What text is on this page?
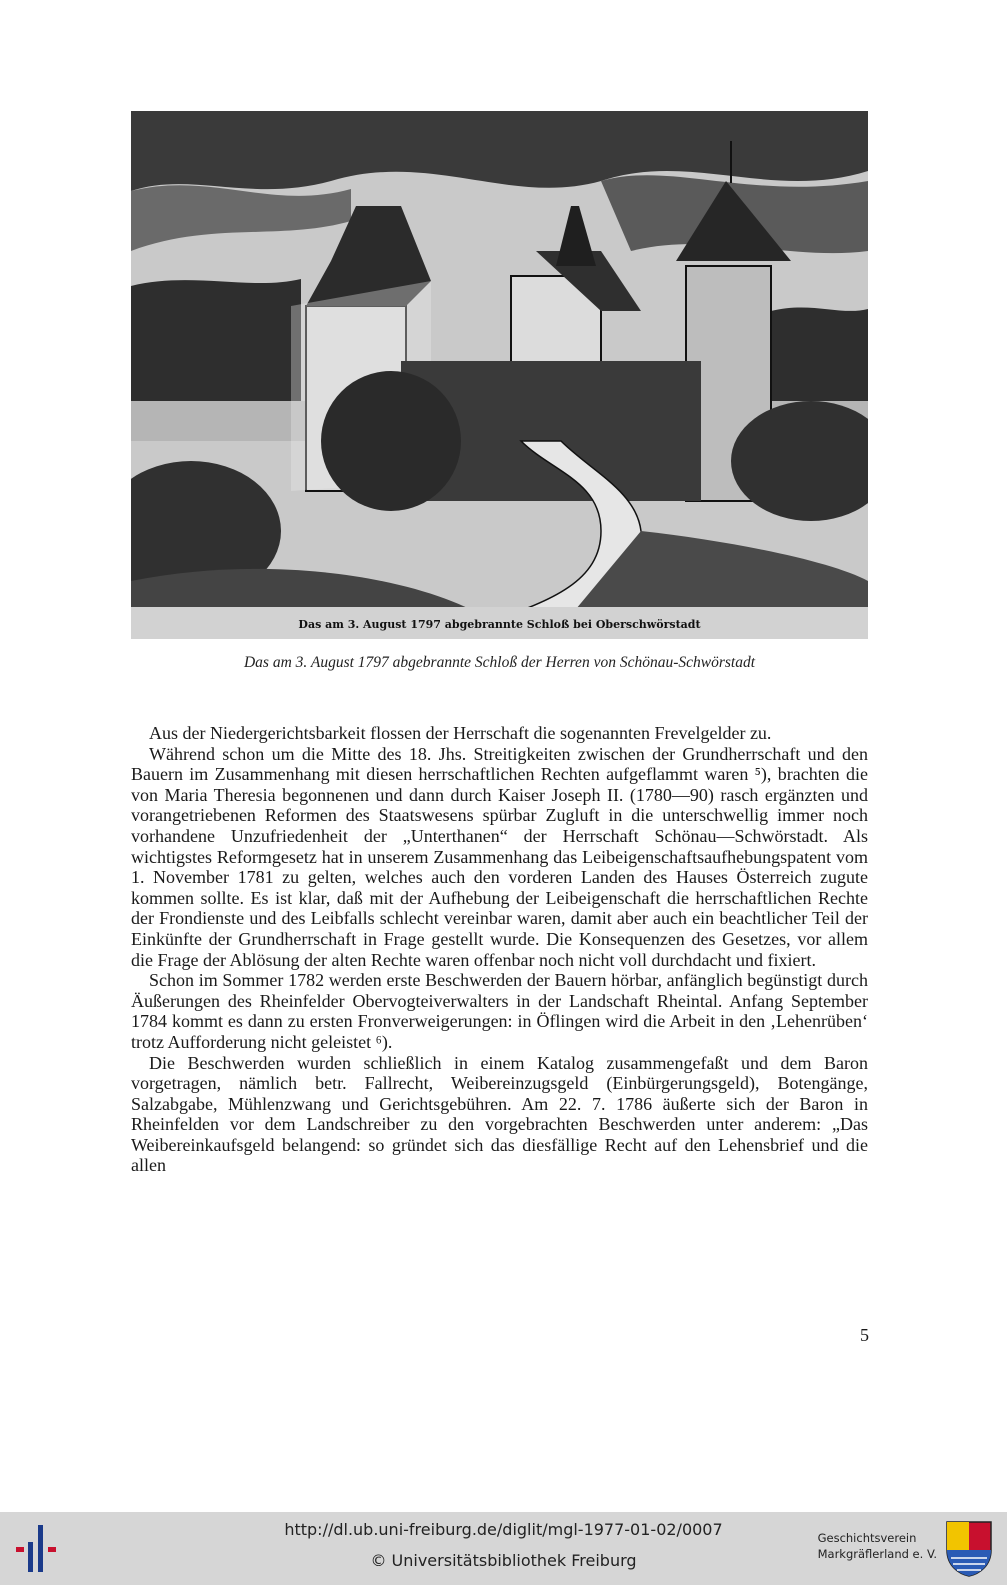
Das am 3. August 1797 abgebrannte Schloß bei Oberschwörstadt
Das am 3. August 1797 abgebrannte Schloß der Herren von Schönau-Schwörstadt

Aus der Niedergerichtsbarkeit flossen der Herrschaft die sogenannten Frevelgelder zu.

Während schon um die Mitte des 18. Jhs. Streitigkeiten zwischen der Grundherrschaft und den Bauern im Zusammenhang mit diesen herrschaftlichen Rechten aufgeflammt waren ⁵), brachten die von Maria Theresia begonnenen und dann durch Kaiser Joseph II. (1780—90) rasch ergänzten und vorangetriebenen Reformen des Staatswesens spürbar Zugluft in die unterschwellig immer noch vorhandene Unzufriedenheit der „Unterthanen“ der Herrschaft Schönau—Schwörstadt. Als wichtigstes Reformgesetz hat in unserem Zusammenhang das Leibeigenschaftsaufhebungspatent vom 1. November 1781 zu gelten, welches auch den vorderen Landen des Hauses Österreich zugute kommen sollte. Es ist klar, daß mit der Aufhebung der Leibeigenschaft die herrschaftlichen Rechte der Frondienste und des Leibfalls schlecht vereinbar waren, damit aber auch ein beachtlicher Teil der Einkünfte der Grundherrschaft in Frage gestellt wurde. Die Konsequenzen des Gesetzes, vor allem die Frage der Ablösung der alten Rechte waren offenbar noch nicht voll durchdacht und fixiert.

Schon im Sommer 1782 werden erste Beschwerden der Bauern hörbar, anfänglich begünstigt durch Äußerungen des Rheinfelder Obervogteiverwalters in der Landschaft Rheintal. Anfang September 1784 kommt es dann zu ersten Fronverweigerungen: in Öflingen wird die Arbeit in den ‚Lehenrüben‘ trotz Aufforderung nicht geleistet ⁶).

Die Beschwerden wurden schließlich in einem Katalog zusammengefaßt und dem Baron vorgetragen, nämlich betr. Fallrecht, Weibereinzugsgeld (Einbürgerungsgeld), Botengänge, Salzabgabe, Mühlenzwang und Gerichtsgebühren. Am 22. 7. 1786 äußerte sich der Baron in Rheinfelden vor dem Landschreiber zu den vorgebrachten Beschwerden unter anderem: „Das Weibereinkaufsgeld belangend: so gründet sich das diesfällige Recht auf den Lehensbrief und die allen

5
http://dl.ub.uni-freiburg.de/diglit/mgl-1977-01-02/0007
© Universitätsbibliothek Freiburg
Geschichtsverein
Markgräflerland e. V.
